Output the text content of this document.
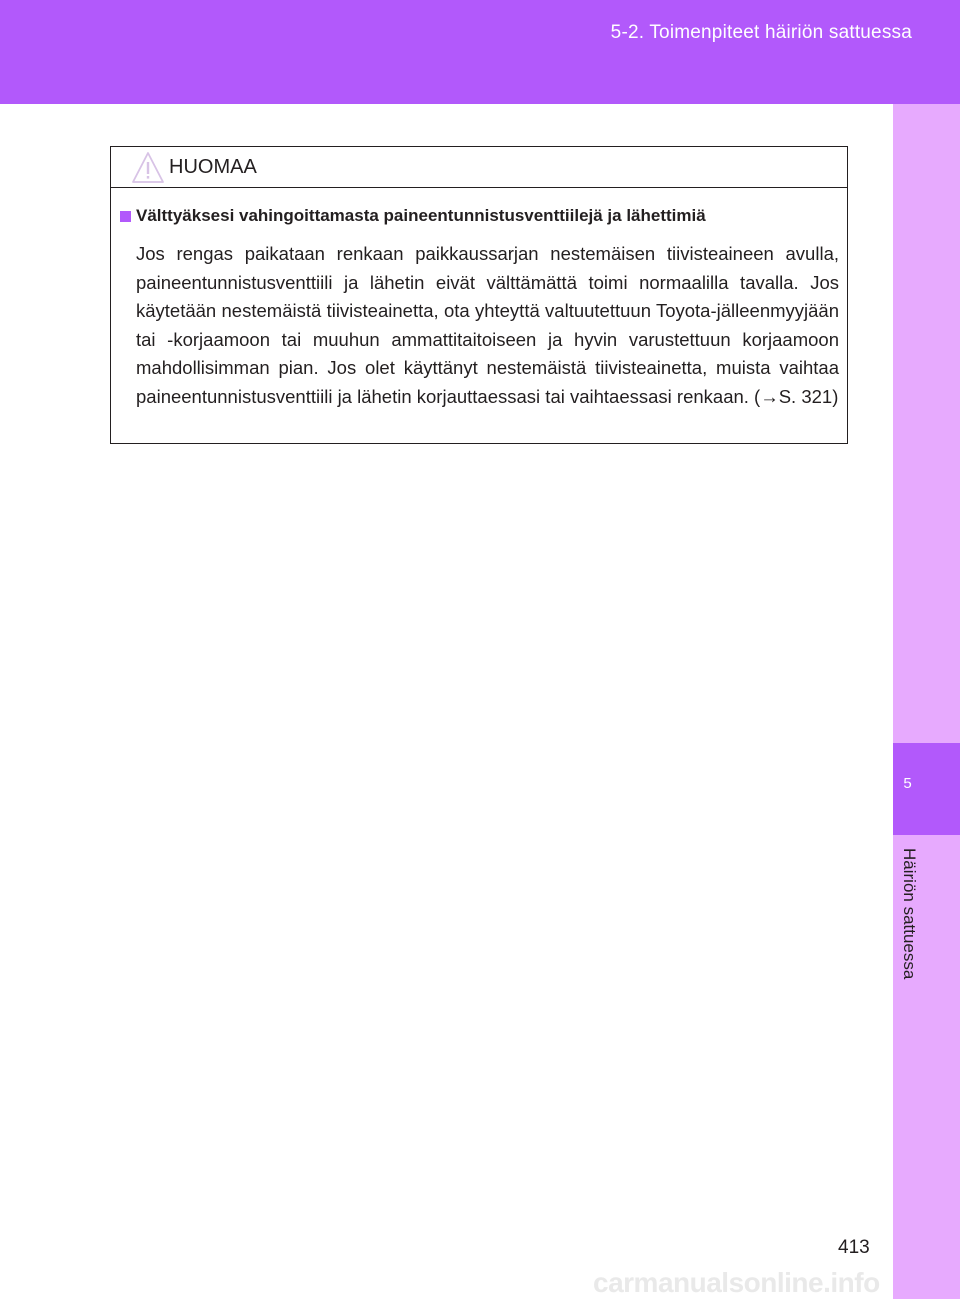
5-2. Toimenpiteet häiriön sattuessa
5
Häiriön sattuessa
HUOMAA
Välttyäksesi vahingoittamasta paineentunnistusventtiilejä ja lähettimiä
Jos rengas paikataan renkaan paikkaussarjan nestemäisen tiivisteaineen avulla, paineentunnistusventtiili ja lähetin eivät välttämättä toimi normaalilla tavalla. Jos käytetään nestemäistä tiivisteainetta, ota yhteyttä valtuutettuun Toyota-jälleenmyyjään tai -korjaamoon tai muuhun ammattitaitoiseen ja hyvin varustettuun korjaamoon mahdollisimman pian. Jos olet käyttänyt nestemäistä tiivisteainetta, muista vaihtaa paineentunnistusventtiili ja lähetin korjauttaessasi tai vaihtaessasi renkaan. (→S. 321)
413
carmanualsonline.info
